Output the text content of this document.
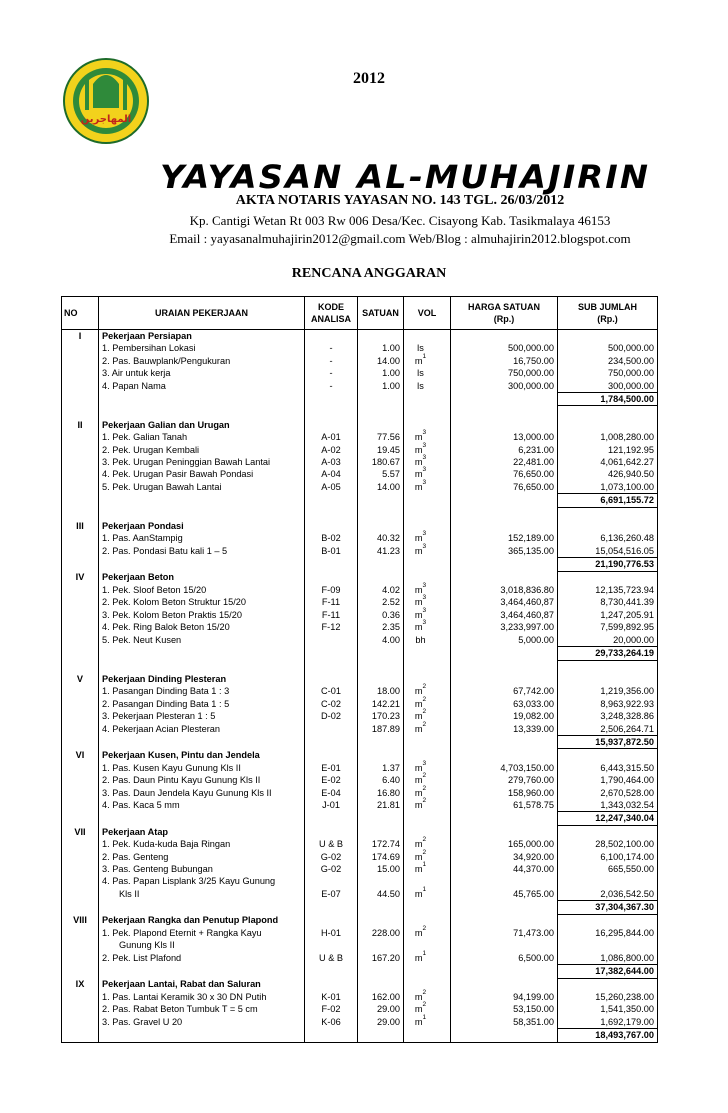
المهاجرين
2012
YAYASAN AL-MUHAJIRIN
AKTA NOTARIS YAYASAN NO. 143 TGL. 26/03/2012
Kp. Cantigi Wetan Rt 003 Rw 006 Desa/Kec. Cisayong Kab. Tasikmalaya 46153
Email : yayasanalmuhajirin2012@gmail.com Web/Blog : almuhajirin2012.blogspot.com
RENCANA ANGGARAN
NO	URAIAN PEKERJAAN	KODE
ANALISA	SATUAN	VOL	HARGA SATUAN
(Rp.)	SUB JUMLAH
(Rp.)
I	Pekerjaan Persiapan					
	1. Pembersihan Lokasi	-	1.00	ls	500,000.00	500,000.00
	2. Pas. Bauwplank/Pengukuran	-	14.00	$m^1$	16,750.00	234,500.00
	3. Air untuk kerja	-	1.00	ls	750,000.00	750,000.00
	4. Papan Nama	-	1.00	ls	300,000.00	300,000.00
						1,784,500.00

II	Pekerjaan Galian dan Urugan					
	1. Pek. Galian Tanah	A-01	77.56	$m^3$	13,000.00	1,008,280.00
	2. Pek. Urugan Kembali	A-02	19.45	$m^3$	6,231.00	121,192.95
	3. Pek. Urugan Peninggian Bawah Lantai	A-03	180.67	$m^3$	22,481.00	4,061,642.27
	4. Pek. Urugan Pasir Bawah Pondasi	A-04	5.57	$m^3$	76,650.00	426,940.50
	5. Pek. Urugan Bawah Lantai	A-05	14.00	$m^3$	76,650.00	1,073,100.00
						6,691,155.72

III	Pekerjaan Pondasi					
	1. Pas. AanStampig	B-02	40.32	$m^3$	152,189.00	6,136,260.48
	2. Pas. Pondasi Batu kali 1 – 5	B-01	41.23	$m^3$	365,135.00	15,054,516.05
						21,190,776.53
IV	Pekerjaan Beton					
	1. Pek. Sloof Beton 15/20	F-09	4.02	$m^3$	3,018,836.80	12,135,723.94
	2. Pek. Kolom Beton Struktur 15/20	F-11	2.52	$m^3$	3,464,460,87	8,730,441.39
	3. Pek. Kolom Beton Praktis 15/20	F-11	0.36	$m^3$	3,464,460,87	1,247,205.91
	4. Pek. Ring Balok Beton 15/20	F-12	2.35	$m^3$	3,233,997.00	7,599,892.95
	5. Pek. Neut Kusen		4.00	bh	5,000.00	20,000.00
						29,733,264.19

V	Pekerjaan Dinding Plesteran					
	1. Pasangan Dinding Bata 1 : 3	C-01	18.00	$m^2$	67,742.00	1,219,356.00
	2. Pasangan Dinding Bata 1 : 5	C-02	142.21	$m^2$	63,033.00	8,963,922.93
	3. Pekerjaan Plesteran 1 : 5	D-02	170.23	$m^2$	19,082.00	3,248,328.86
	4. Pekerjaan Acian Plesteran		187.89	$m^2$	13,339.00	2,506,264.71
						15,937,872.50
VI	Pekerjaan Kusen, Pintu dan Jendela					
	1. Pas. Kusen Kayu Gunung Kls II	E-01	1.37	$m^3$	4,703,150.00	6,443,315.50
	2. Pas. Daun Pintu Kayu Gunung Kls II	E-02	6.40	$m^2$	279,760.00	1,790,464.00
	3. Pas. Daun Jendela Kayu Gunung Kls II	E-04	16.80	$m^2$	158,960.00	2,670,528.00
	4. Pas. Kaca 5 mm	J-01	21.81	$m^2$	61,578.75	1,343,032.54
						12,247,340.04
VII	Pekerjaan Atap					
	1. Pek. Kuda-kuda Baja Ringan	U & B	172.74	$m^2$	165,000.00	28,502,100.00
	2. Pas. Genteng	G-02	174.69	$m^2$	34,920.00	6,100,174.00
	3. Pas. Genteng Bubungan	G-02	15.00	$m^1$	44,370.00	665,550.00
	4. Pas. Papan Lisplank 3/25 Kayu Gunung					
	Kls II	E-07	44.50	$m^1$	45,765.00	2,036,542.50
						37,304,367.30
VIII	Pekerjaan Rangka dan Penutup Plapond					
	1. Pek. Plapond Eternit + Rangka Kayu	H-01	228.00	$m^2$	71,473.00	16,295,844.00
	Gunung Kls II					
	2. Pek. List Plafond	U & B	167.20	$m^1$	6,500.00	1,086,800.00
						17,382,644.00
IX	Pekerjaan Lantai, Rabat dan Saluran					
	1. Pas. Lantai Keramik 30 x 30 DN Putih	K-01	162.00	$m^2$	94,199.00	15,260,238.00
	2. Pas. Rabat Beton Tumbuk T = 5 cm	F-02	29.00	$m^2$	53,150.00	1,541,350.00
	3. Pas. Gravel U 20	K-06	29.00	$m^1$	58,351.00	1,692,179.00
						18,493,767.00
